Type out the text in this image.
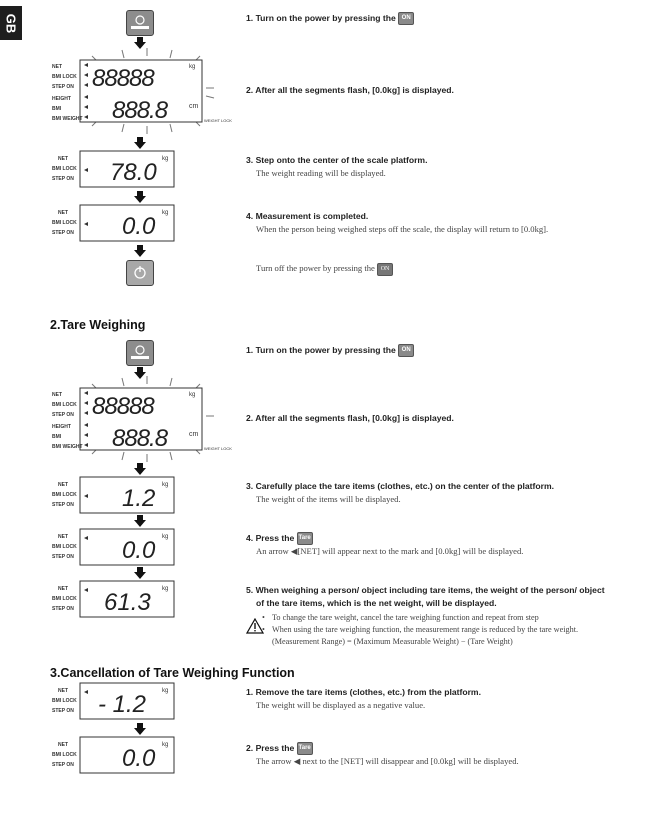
GB
NET
BMI LOCK
STEP ON
HEIGHT
BMI
BMI WEIGHT
88888
888.8
kg
cm
WEIGHT LOCK
NET
BMI LOCK
STEP ON 78.0 kg
NET
BMI LOCK
STEP ON 0.0 kg
1. Turn on the power by pressing the ON
2. After all the segments flash, [0.0kg] is displayed.
3. Step onto the center of the scale platform.
The weight reading will be displayed.
4. Measurement is completed.
When the person being weighed steps off the scale, the display will return to [0.0kg].
Turn off the power by pressing the ON
2.Tare Weighing
NET
BMI LOCK
STEP ON
HEIGHT
BMI
BMI WEIGHT
88888
888.8
kg
cm
WEIGHT LOCK
NET
BMI LOCK
STEP ON 1.2 kg
NET
BMI LOCK
STEP ON 0.0 kg
NET
BMI LOCK
STEP ON 61.3 kg
1. Turn on the power by pressing the ON
2. After all the segments flash, [0.0kg] is displayed.
3. Carefully place the tare items (clothes, etc.) on the center of the platform.
The weight of the items will be displayed.
4. Press the Tare
An arrow ◀[NET] will appear next to the mark and [0.0kg] will be displayed.
5. When weighing a person/ object including tare items, the weight of the person/ object
of the tare items, which is the net weight, will be displayed.
• To change the tare weight, cancel the tare weighing function and repeat from step
• When using the tare weighing function, the measurement range is reduced by the tare weight.
(Measurement Range) = (Maximum Measurable Weight) − (Tare Weight)
3.Cancellation of Tare Weighing Function
NET
BMI LOCK
STEP ON - 1.2	kg
NET
BMI LOCK
STEP ON 0.0 kg
1. Remove the tare items (clothes, etc.) from the platform.
The weight will be displayed as a negative value.
2. Press the Tare
The arrow ◀ next to the [NET] will disappear and [0.0kg] will be displayed.
